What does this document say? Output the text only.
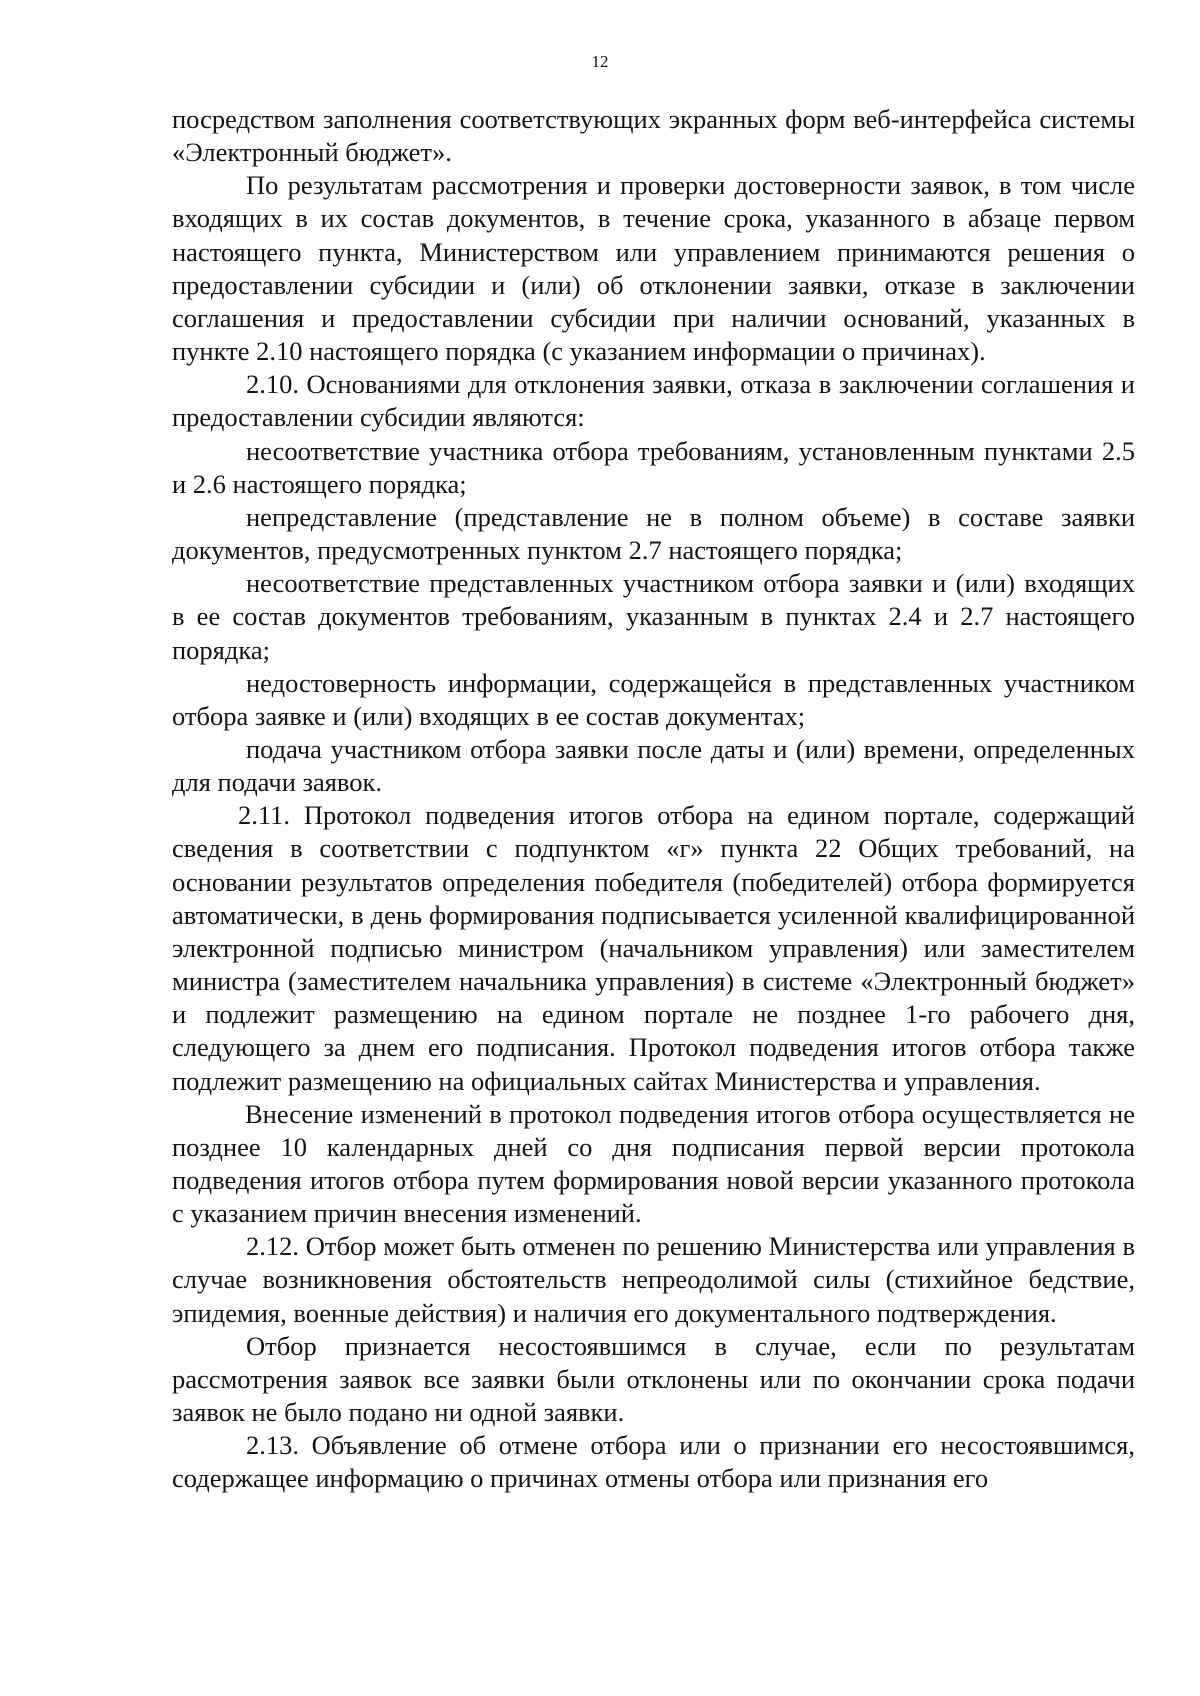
12

посредством заполнения соответствующих экранных форм веб-интерфейса системы «Электронный бюджет».

По результатам рассмотрения и проверки достоверности заявок, в том числе входящих в их состав документов, в течение срока, указанного в абзаце первом настоящего пункта, Министерством или управлением принимаются решения о предоставлении субсидии и (или) об отклонении заявки, отказе в заключении соглашения и предоставлении субсидии при наличии оснований, указанных в пункте 2.10 настоящего порядка (с указанием информации о причинах).

2.10. Основаниями для отклонения заявки, отказа в заключении соглашения и предоставлении субсидии являются:

несоответствие участника отбора требованиям, установленным пунктами 2.5 и 2.6 настоящего порядка;

непредставление (представление не в полном объеме) в составе заявки документов, предусмотренных пунктом 2.7 настоящего порядка;

несоответствие представленных участником отбора заявки и (или) входящих в ее состав документов требованиям, указанным в пунктах 2.4 и 2.7 настоящего порядка;

недостоверность информации, содержащейся в представленных участником отбора заявке и (или) входящих в ее состав документах;

подача участником отбора заявки после даты и (или) времени, определенных для подачи заявок.

2.11. Протокол подведения итогов отбора на едином портале, содержащий сведения в соответствии с подпунктом «г» пункта 22 Общих требований, на основании результатов определения победителя (победителей) отбора формируется автоматически, в день формирования подписывается усиленной квалифицированной электронной подписью министром (начальником управления) или заместителем министра (заместителем начальника управления) в системе «Электронный бюджет» и подлежит размещению на едином портале не позднее 1-го рабочего дня, следующего за днем его подписания. Протокол подведения итогов отбора также подлежит размещению на официальных сайтах Министерства и управления.

Внесение изменений в протокол подведения итогов отбора осуществляется не позднее 10 календарных дней со дня подписания первой версии протокола подведения итогов отбора путем формирования новой версии указанного протокола с указанием причин внесения изменений.

2.12. Отбор может быть отменен по решению Министерства или управления в случае возникновения обстоятельств непреодолимой силы (стихийное бедствие, эпидемия, военные действия) и наличия его документального подтверждения.

Отбор признается несостоявшимся в случае, если по результатам рассмотрения заявок все заявки были отклонены или по окончании срока подачи заявок не было подано ни одной заявки.

2.13. Объявление об отмене отбора или о признании его несостоявшимся, содержащее информацию о причинах отмены отбора или признания его
